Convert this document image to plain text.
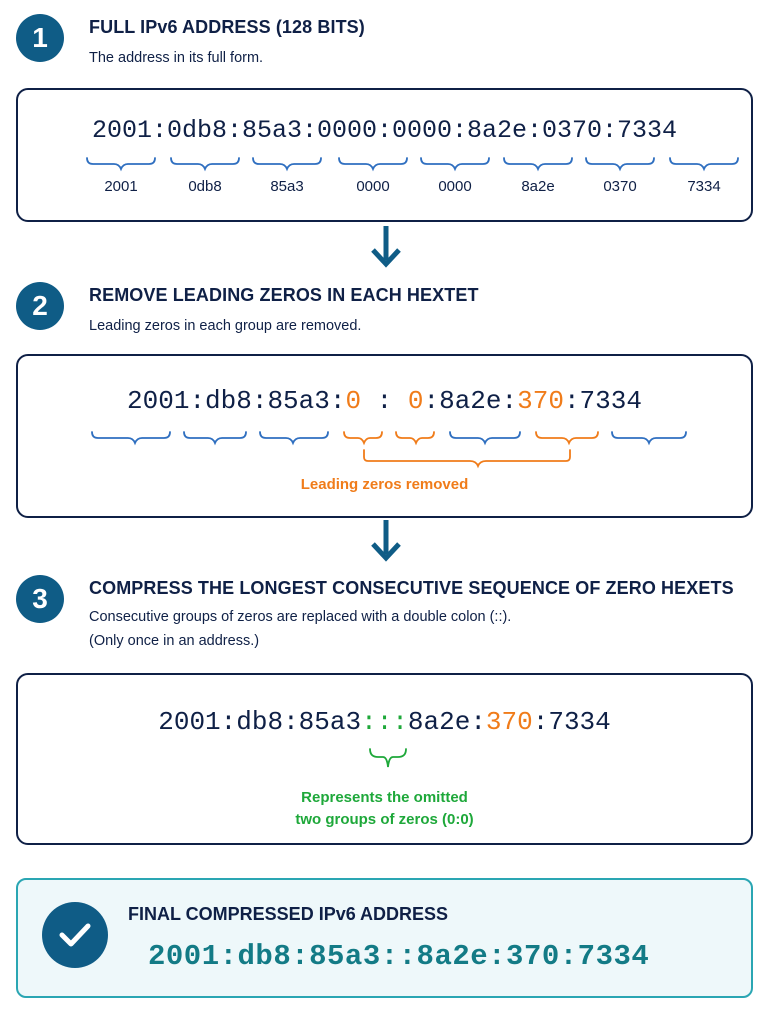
1	FULL IPv6 ADDRESS (128 BITS)
The address in its full form.
2001:0db8:85a3:0000:0000:8a2e:0370:7334
2001	0db8	85a3	0000	0000	8a2e	0370	7334
2	REMOVE LEADING ZEROS IN EACH HEXTET
Leading zeros in each group are removed.
2001:db8:85a3:0 : 0:8a2e:370:7334
Leading zeros removed
3	COMPRESS THE LONGEST CONSECUTIVE SEQUENCE OF ZERO HEXETS
Consecutive groups of zeros are replaced with a double colon (::).
(Only once in an address.)
2001:db8:85a3:::8a2e:370:7334
Represents the omitted
two groups of zeros (0:0)
FINAL COMPRESSED IPv6 ADDRESS
2001:db8:85a3::8a2e:370:7334
